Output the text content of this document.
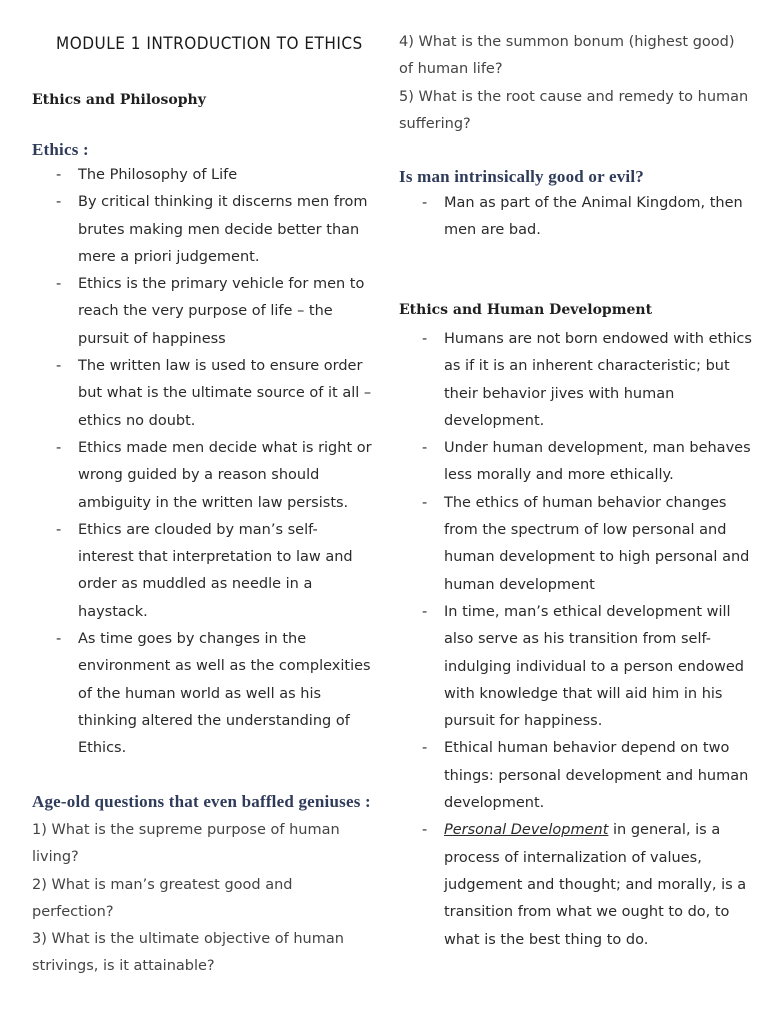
MODULE 1 INTRODUCTION TO ETHICS
Ethics and Philosophy
Ethics :
- The Philosophy of Life
- By critical thinking it discerns men from brutes making men decide better than mere a priori judgement.
- Ethics is the primary vehicle for men to reach the very purpose of life – the pursuit of happiness
- The written law is used to ensure order but what is the ultimate source of it all – ethics no doubt.
- Ethics made men decide what is right or wrong guided by a reason should ambiguity in the written law persists.
- Ethics are clouded by man’s self-interest that interpretation to law and order as muddled as needle in a haystack.
- As time goes by changes in the environment as well as the complexities of the human world as well as his thinking altered the understanding of Ethics.
Age-old questions that even baffled geniuses :
1) What is the supreme purpose of human living?
2) What is man’s greatest good and perfection?
3) What is the ultimate objective of human strivings, is it attainable?
4) What is the summon bonum (highest good) of human life?
5) What is the root cause and remedy to human suffering?
Is man intrinsically good or evil?
- Man as part of the Animal Kingdom, then men are bad.
Ethics and Human Development
- Humans are not born endowed with ethics as if it is an inherent characteristic; but their behavior jives with human development.
- Under human development, man behaves less morally and more ethically.
- The ethics of human behavior changes from the spectrum of low personal and human development to high personal and human development
- In time, man’s ethical development will also serve as his transition from self-indulging individual to a person endowed with knowledge that will aid him in his pursuit for happiness.
- Ethical human behavior depend on two things: personal development and human development.
- Personal Development in general, is a process of internalization of values, judgement and thought; and morally, is a transition from what we ought to do, to what is the best thing to do.
